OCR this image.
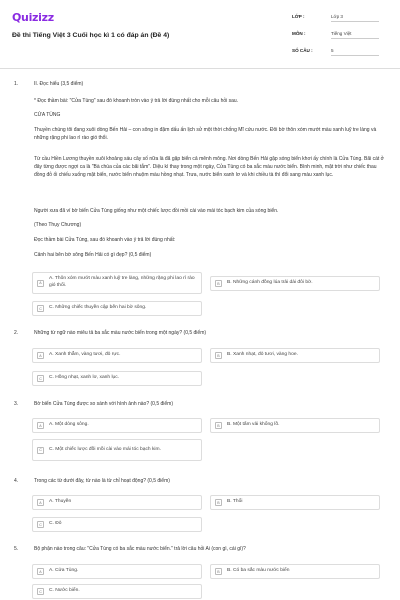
Quizizz
Đề thi Tiếng Việt 3 Cuối học kì 1 có đáp án (Đề 4)
LỚP :	Lớp 3
MÔN :	Tiếng Việt
SỐ CÂU :	5
1.	II. Đọc hiểu (3,5 điểm)
* Đọc thầm bài: "Cửa Tùng" sau đó khoanh tròn vào ý trả lời đúng nhất cho mỗi câu hỏi sau.
CỬA TÙNG
Thuyền chúng tôi đang xuôi dòng Bến Hải – con sông in đậm dấu ấn lịch sử một thời chống Mĩ cứu nước. Đôi bờ thôn xóm mướt màu xanh luỹ tre làng và những rặng phi lao rì rào gió thổi.
Từ cầu Hiền Lương thuyền xuôi khoảng sáu cây số nữa là đã gặp biển cả mênh mông. Nơi dòng Bến Hải gặp sóng biển khơi ấy chính là Cửa Tùng. Bãi cát ở đây từng được ngợi ca là "Bà chúa của các bãi tắm". Diệu kì thay trong một ngày, Cửa Tùng có ba sắc màu nước biển. Bình minh, mặt trời như chiếc thau đồng đỏ ối chiếu xuống mặt biển, nước biển nhuộm màu hồng nhạt. Trưa, nước biển xanh lơ và khi chiều tà thì đổi sang màu xanh lục.
Người xưa đã ví bờ biển Cửa Tùng giống như một chiếc lược đồi mồi cài vào mái tóc bạch kim của sóng biển.
(Theo Thụy Chương)
Đọc thầm bài Cửa Tùng, sau đó khoanh vào ý trả lời đúng nhất:
Cảnh hai bên bờ sông Bến Hải có gì đẹp? (0,5 điểm)
A
A. Thôn xóm mướt màu xanh luỹ tre làng, những rặng phi lao rì rào gió thổi.	B	B. Những cánh đồng lúa trải dài đôi bờ.
C	C. Những chiếc thuyền cập bến hai bờ sông.
2.	Những từ ngữ nào miêu tả ba sắc màu nước biển trong một ngày? (0,5 điểm)
A	A. Xanh thẫm, vàng tươi, đỏ rực.	B	B. Xanh nhạt, đỏ tươi, vàng hoe.
C	C. Hồng nhạt, xanh lơ, xanh lục.
3.	Bờ biển Cửa Tùng được so sánh với hình ảnh nào? (0,5 điểm)
A	A. Một dòng sông.	B	B. Một tấm vải khổng lồ.
C	C. Một chiếc lược đồi mồi cài vào mái tóc bạch kim.
4.	Trong các từ dưới đây, từ nào là từ chỉ hoạt động? (0,5 điểm)
A	A. Thuyền	B	B. Thổi
C	C. Đỏ
5.	Bộ phận nào trong câu: "Cửa Tùng có ba sắc màu nước biển." trả lời câu hỏi Ai (con gì, cái gì)?
A	A. Cửa Tùng.	B	B. Có ba sắc màu nước biển
C	C. Nước biển.
